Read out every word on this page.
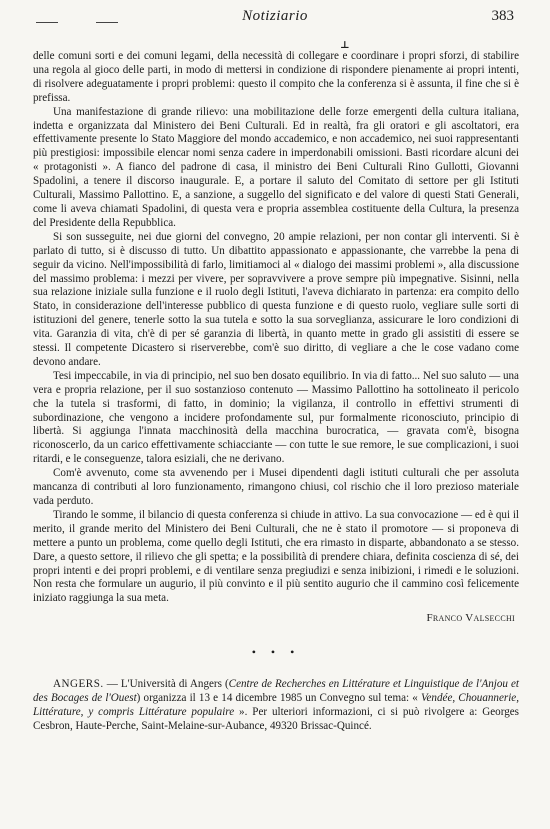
Notiziario	383
⊥

delle comuni sorti e dei comuni legami, della necessità di collegare e coordinare i propri sforzi, di stabilire una regola al gioco delle parti, in modo di mettersi in condizione di rispondere pienamente ai propri intenti, di risolvere adeguatamente i propri problemi: questo il compito che la conferenza si è assunta, il fine che si è prefissa.

Una manifestazione di grande rilievo: una mobilitazione delle forze emergenti della cultura italiana, indetta e organizzata dal Ministero dei Beni Culturali. Ed in realtà, fra gli oratori e gli ascoltatori, era effettivamente presente lo Stato Maggiore del mondo accademico, e non accademico, nei suoi rappresentanti più prestigiosi: impossibile elencar nomi senza cadere in imperdonabili omissioni. Basti ricordare alcuni dei « protagonisti ». A fianco del padrone di casa, il ministro dei Beni Culturali Rino Gullotti, Giovanni Spadolini, a tenere il discorso inaugurale. E, a portare il saluto del Comitato di settore per gli Istituti Culturali, Massimo Pallottino. E, a sanzione, a suggello del significato e del valore di questi Stati Generali, come li aveva chiamati Spadolini, di questa vera e propria assemblea costituente della Cultura, la presenza del Presidente della Repubblica.

Si son susseguite, nei due giorni del convegno, 20 ampie relazioni, per non contar gli interventi. Si è parlato di tutto, si è discusso di tutto. Un dibattito appassionato e appassionante, che varrebbe la pena di seguir da vicino. Nell'impossibilità di farlo, limitiamoci al « dialogo dei massimi problemi », alla discussione del massimo problema: i mezzi per vivere, per sopravvivere a prove sempre più impegnative. Sisinni, nella sua relazione iniziale sulla funzione e il ruolo degli Istituti, l'aveva dichiarato in partenza: era compito dello Stato, in considerazione dell'interesse pubblico di questa funzione e di questo ruolo, vegliare sulle sorti di istituzioni del genere, tenerle sotto la sua tutela e sotto la sua sorveglianza, assicurare le loro condizioni di vita. Garanzia di vita, ch'è di per sé garanzia di libertà, in quanto mette in grado gli assistiti di essere se stessi. Il competente Dicastero si riserverebbe, com'è suo diritto, di vegliare a che le cose vadano come devono andare.

Tesi impeccabile, in via di principio, nel suo ben dosato equilibrio. In via di fatto... Nel suo saluto — una vera e propria relazione, per il suo sostanzioso contenuto — Massimo Pallottino ha sottolineato il pericolo che la tutela si trasformi, di fatto, in dominio; la vigilanza, il controllo in effettivi strumenti di subordinazione, che vengono a incidere profondamente sul, pur formalmente riconosciuto, principio di libertà. Si aggiunga l'innata macchinosità della macchina burocratica, — gravata com'è, bisogna riconoscerlo, da un carico effettivamente schiacciante — con tutte le sue remore, le sue complicazioni, i suoi ritardi, e le conseguenze, talora esiziali, che ne derivano.

Com'è avvenuto, come sta avvenendo per i Musei dipendenti dagli istituti culturali che per assoluta mancanza di contributi al loro funzionamento, rimangono chiusi, col rischio che il loro prezioso materiale vada perduto.

Tirando le somme, il bilancio di questa conferenza si chiude in attivo. La sua convocazione — ed è qui il merito, il grande merito del Ministero dei Beni Culturali, che ne è stato il promotore — si proponeva di mettere a punto un problema, come quello degli Istituti, che era rimasto in disparte, abbandonato a se stesso. Dare, a questo settore, il rilievo che gli spetta; e la possibilità di prendere chiara, definita coscienza di sé, dei propri intenti e dei propri problemi, e di ventilare senza pregiudizi e senza inibizioni, i rimedi e le soluzioni. Non resta che formulare un augurio, il più convinto e il più sentito augurio che il cammino così felicemente iniziato raggiunga la sua meta.

Franco Valsecchi
• • •

ANGERS. — L'Università di Angers (Centre de Recherches en Littérature et Linguistique de l'Anjou et des Bocages de l'Ouest) organizza il 13 e 14 dicembre 1985 un Convegno sul tema: « Vendée, Chouannerie, Littérature, y compris Littérature populaire ». Per ulteriori informazioni, ci si può rivolgere a: Georges Cesbron, Haute-Perche, Saint-Melaine-sur-Aubance, 49320 Brissac-Quincé.
